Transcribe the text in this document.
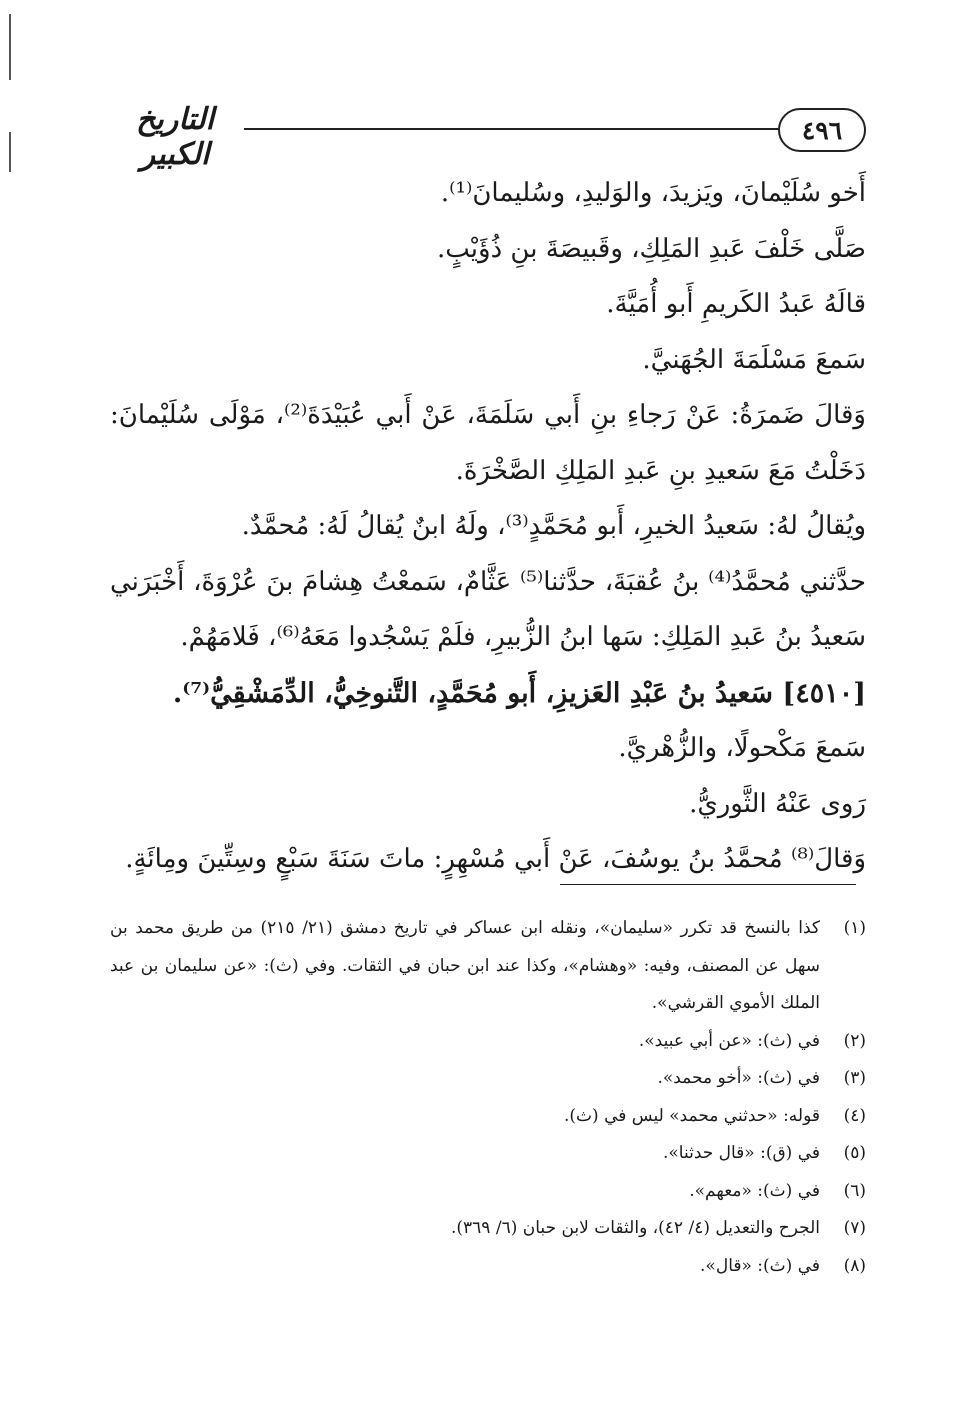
٤٩٦
التاريخ الكبير

أَخو سُلَيْمانَ، ويَزيدَ، والوَليدِ، وسُليمانَ⁽¹⁾.

صَلَّى خَلْفَ عَبدِ المَلِكِ، وقَبيصَةَ بنِ ذُؤَيْبٍ.

قالَهُ عَبدُ الكَريمِ أَبو أُمَيَّةَ.

سَمعَ مَسْلَمَةَ الجُهَنيَّ.

وَقالَ ضَمرَةُ: عَنْ رَجاءِ بنِ أَبي سَلَمَةَ، عَنْ أَبي عُبَيْدَةَ⁽²⁾، مَوْلَى سُلَيْمانَ: دَخَلْتُ مَعَ سَعيدِ بنِ عَبدِ المَلِكِ الصَّخْرَةَ.

ويُقالُ لهُ: سَعيدُ الخيرِ، أَبو مُحَمَّدٍ⁽³⁾، ولَهُ ابنٌ يُقالُ لَهُ: مُحمَّدٌ.

حدَّثني مُحمَّدُ⁽⁴⁾ بنُ عُقبَةَ، حدَّثنا⁽⁵⁾ عَثَّامٌ، سَمعْتُ هِشامَ بنَ عُرْوَةَ، أَخْبَرَني سَعيدُ بنُ عَبدِ المَلِكِ: سَها ابنُ الزُّبيرِ، فلَمْ يَسْجُدوا مَعَهُ⁽⁶⁾، فَلامَهُمْ.

[٤٥١٠] سَعيدُ بنُ عَبْدِ العَزيزِ، أَبو مُحَمَّدٍ، التَّنوخِيُّ، الدِّمَشْقِيُّ⁽⁷⁾.

سَمعَ مَكْحولًا، والزُّهْريَّ.

رَوى عَنْهُ الثَّوريُّ.

وَقالَ⁽⁸⁾ مُحمَّدُ بنُ يوسُفَ، عَنْ أَبي مُسْهِرٍ: ماتَ سَنَةَ سَبْعٍ وسِتِّينَ ومِائَةٍ.

(١)
كذا بالنسخ قد تكرر «سليمان»، ونقله ابن عساكر في تاريخ دمشق (٢١/ ٢١٥) من طريق محمد بن سهل عن المصنف، وفيه: «وهشام»، وكذا عند ابن حبان في الثقات. وفي (ث): «عن سليمان بن عبد الملك الأموي القرشي».
(٢)
في (ث): «عن أبي عبيد».
(٣)
في (ث): «أخو محمد».
(٤)
قوله: «حدثني محمد» ليس في (ث).
(٥)
في (ق): «قال حدثنا».
(٦)
في (ث): «معهم».
(٧)
الجرح والتعديل (٤/ ٤٢)، والثقات لابن حبان (٦/ ٣٦٩).
(٨)
في (ث): «قال».
